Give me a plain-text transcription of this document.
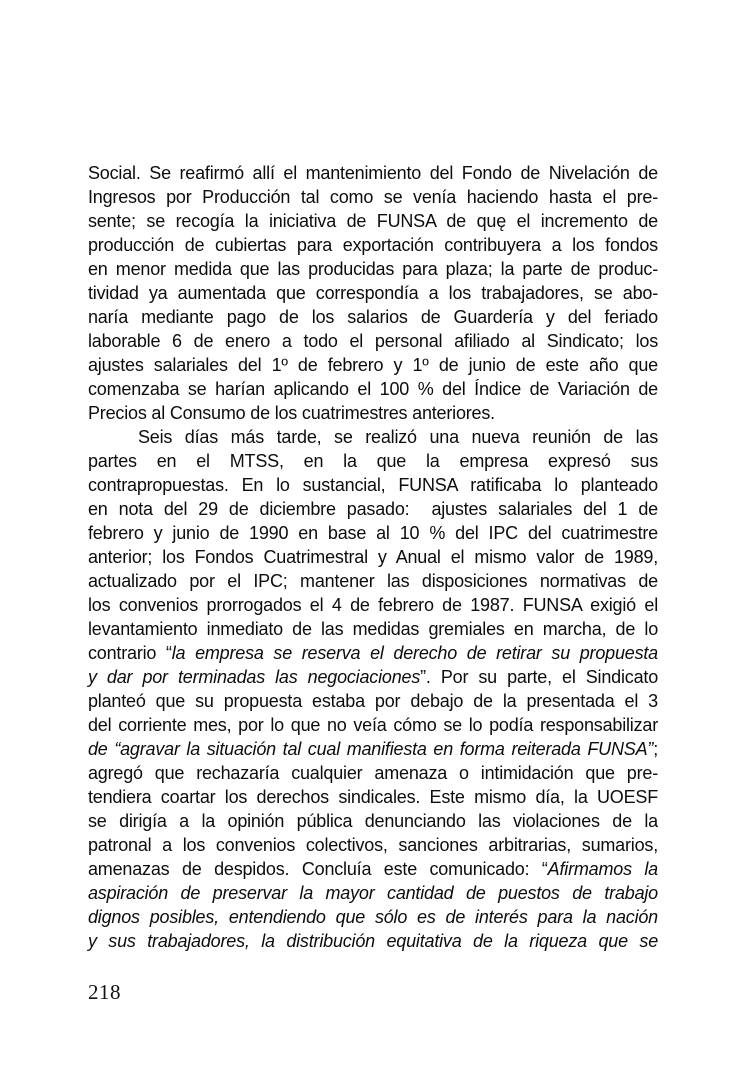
Social. Se reafirmó allí el mantenimiento del Fondo de Nivelación de
Ingresos por Producción tal como se venía haciendo hasta el pre-
sente; se recogía la iniciativa de FUNSA de quę el incremento de
producción de cubiertas para exportación contribuyera a los fondos
en menor medida que las producidas para plaza; la parte de produc-
tividad ya aumentada que correspondía a los trabajadores, se abo-
naría mediante pago de los salarios de Guardería y del feriado
laborable 6 de enero a todo el personal afiliado al Sindicato; los
ajustes salariales del 1º de febrero y 1º de junio de este año que
comenzaba se harían aplicando el 100 % del Índice de Variación de
Precios al Consumo de los cuatrimestres anteriores.
Seis días más tarde, se realizó una nueva reunión de las
partes en el MTSS, en la que la empresa expresó sus
contrapropuestas. En lo sustancial, FUNSA ratificaba lo planteado
en nota del 29 de diciembre pasado:  ajustes salariales del 1 de
febrero y junio de 1990 en base al 10 % del IPC del cuatrimestre
anterior; los Fondos Cuatrimestral y Anual el mismo valor de 1989,
actualizado por el IPC; mantener las disposiciones normativas de
los convenios prorrogados el 4 de febrero de 1987. FUNSA exigió el
levantamiento inmediato de las medidas gremiales en marcha, de lo
contrario “la empresa se reserva el derecho de retirar su propuesta
y dar por terminadas las negociaciones”. Por su parte, el Sindicato
planteó que su propuesta estaba por debajo de la presentada el 3
del corriente mes, por lo que no veía cómo se lo podía responsabilizar
de “agravar la situación tal cual manifiesta en forma reiterada FUNSA”;
agregó que rechazaría cualquier amenaza o intimidación que pre-
tendiera coartar los derechos sindicales. Este mismo día, la UOESF
se dirigía a la opinión pública denunciando las violaciones de la
patronal a los convenios colectivos, sanciones arbitrarias, sumarios,
amenazas de despidos. Concluía este comunicado: “Afirmamos la
aspiración de preservar la mayor cantidad de puestos de trabajo
dignos posibles, entendiendo que sólo es de interés para la nación
y sus trabajadores, la distribución equitativa de la riqueza que se
218
